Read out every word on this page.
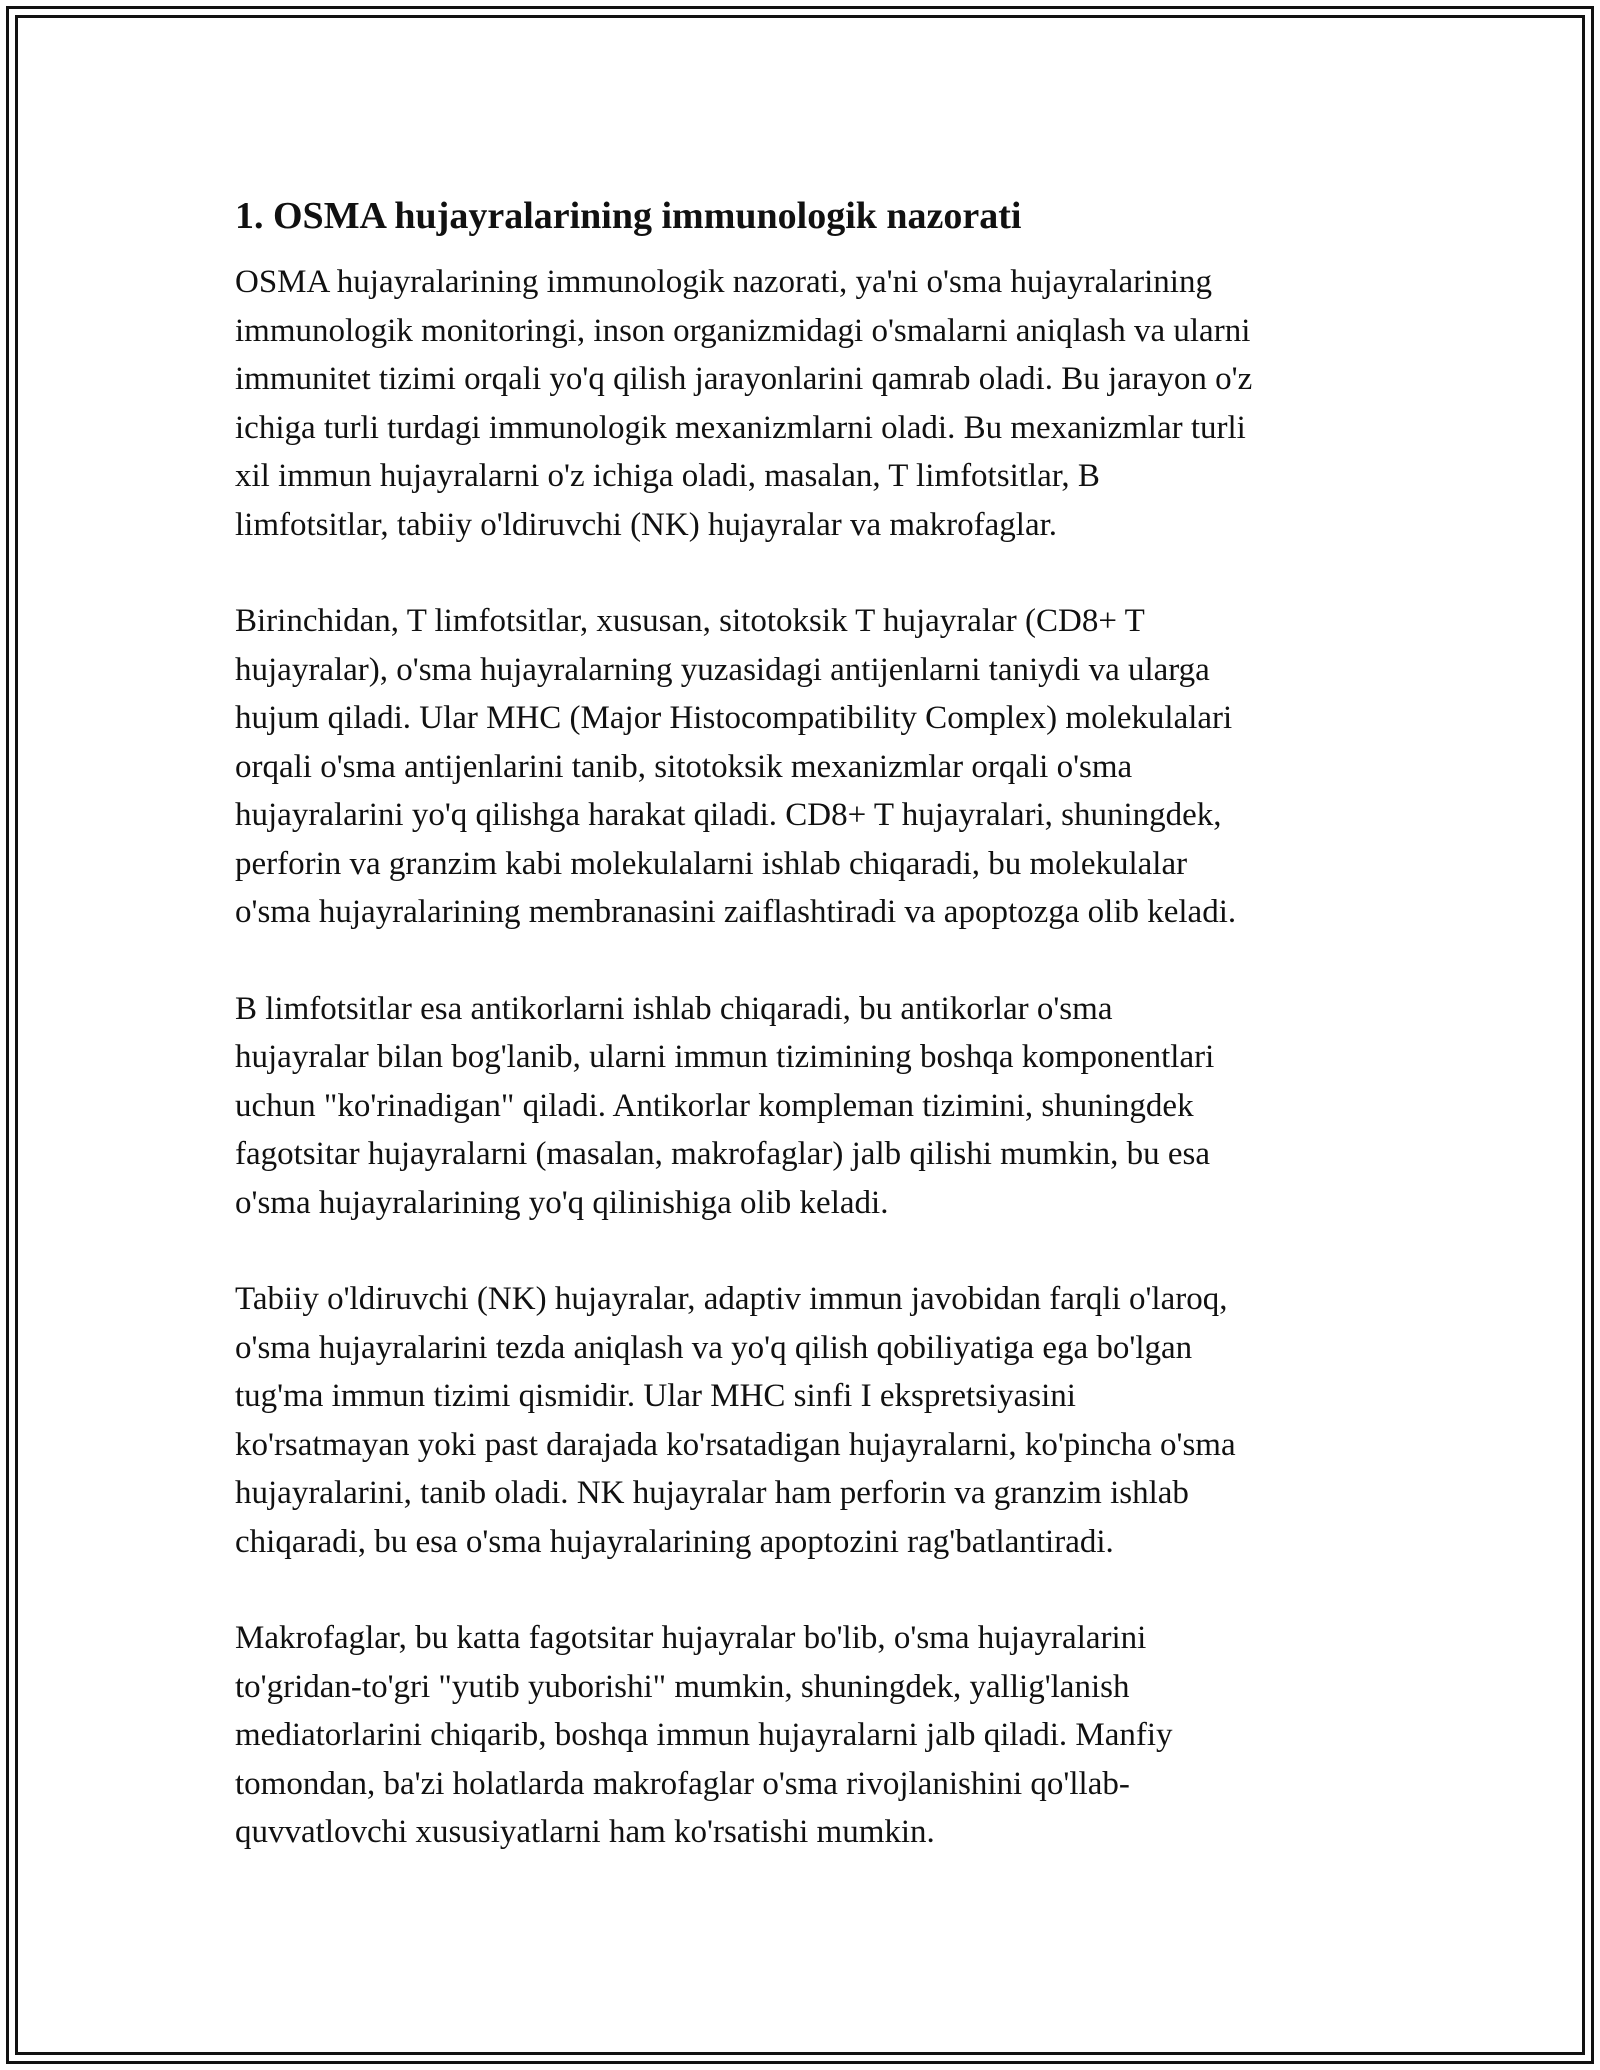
1. OSMA hujayralarining immunologik nazorati

OSMA hujayralarining immunologik nazorati, ya'ni o'sma hujayralarining
immunologik monitoringi, inson organizmidagi o'smalarni aniqlash va ularni
immunitet tizimi orqali yo'q qilish jarayonlarini qamrab oladi. Bu jarayon o'z
ichiga turli turdagi immunologik mexanizmlarni oladi. Bu mexanizmlar turli
xil immun hujayralarni o'z ichiga oladi, masalan, T limfotsitlar, B
limfotsitlar, tabiiy o'ldiruvchi (NK) hujayralar va makrofaglar.

Birinchidan, T limfotsitlar, xususan, sitotoksik T hujayralar (CD8+ T
hujayralar), o'sma hujayralarning yuzasidagi antijenlarni taniydi va ularga
hujum qiladi. Ular MHC (Major Histocompatibility Complex) molekulalari
orqali o'sma antijenlarini tanib, sitotoksik mexanizmlar orqali o'sma
hujayralarini yo'q qilishga harakat qiladi. CD8+ T hujayralari, shuningdek,
perforin va granzim kabi molekulalarni ishlab chiqaradi, bu molekulalar
o'sma hujayralarining membranasini zaiflashtiradi va apoptozga olib keladi.

B limfotsitlar esa antikorlarni ishlab chiqaradi, bu antikorlar o'sma
hujayralar bilan bog'lanib, ularni immun tizimining boshqa komponentlari
uchun "ko'rinadigan" qiladi. Antikorlar kompleman tizimini, shuningdek
fagotsitar hujayralarni (masalan, makrofaglar) jalb qilishi mumkin, bu esa
o'sma hujayralarining yo'q qilinishiga olib keladi.

Tabiiy o'ldiruvchi (NK) hujayralar, adaptiv immun javobidan farqli o'laroq,
o'sma hujayralarini tezda aniqlash va yo'q qilish qobiliyatiga ega bo'lgan
tug'ma immun tizimi qismidir. Ular MHC sinfi I ekspretsiyasini
ko'rsatmayan yoki past darajada ko'rsatadigan hujayralarni, ko'pincha o'sma
hujayralarini, tanib oladi. NK hujayralar ham perforin va granzim ishlab
chiqaradi, bu esa o'sma hujayralarining apoptozini rag'batlantiradi.

Makrofaglar, bu katta fagotsitar hujayralar bo'lib, o'sma hujayralarini
to'gridan-to'gri "yutib yuborishi" mumkin, shuningdek, yallig'lanish
mediatorlarini chiqarib, boshqa immun hujayralarni jalb qiladi. Manfiy
tomondan, ba'zi holatlarda makrofaglar o'sma rivojlanishini qo'llab-
quvvatlovchi xususiyatlarni ham ko'rsatishi mumkin.
